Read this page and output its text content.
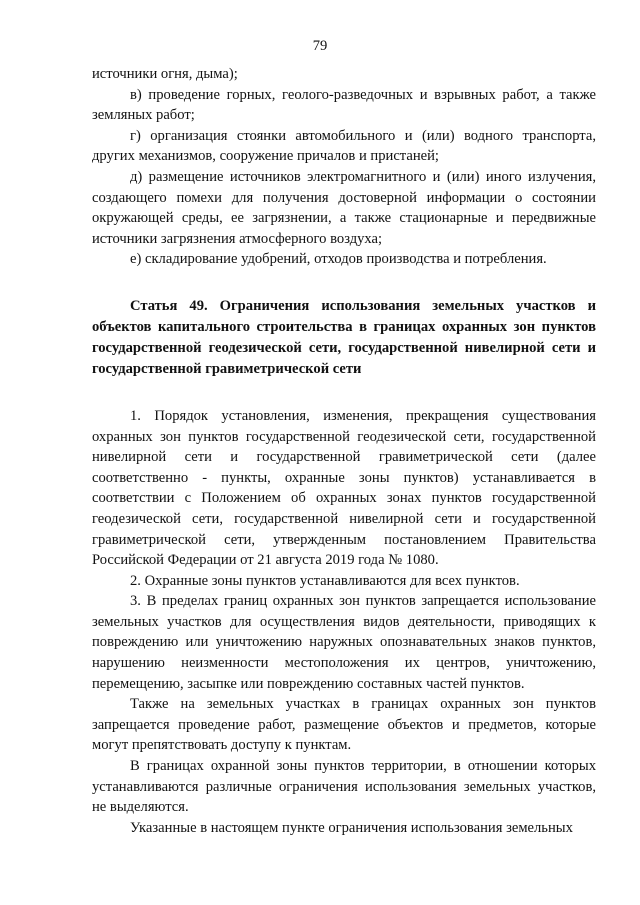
79

источники огня, дыма);

в) проведение горных, геолого-разведочных и взрывных работ, а также земляных работ;

г) организация стоянки автомобильного и (или) водного транспорта, других механизмов, сооружение причалов и пристаней;

д) размещение источников электромагнитного и (или) иного излучения, создающего помехи для получения достоверной информации о состоянии окружающей среды, ее загрязнении, а также стационарные и передвижные источники загрязнения атмосферного воздуха;

е) складирование удобрений, отходов производства и потребления.

Статья 49. Ограничения использования земельных участков и объектов капитального строительства в границах охранных зон пунктов государственной геодезической сети, государственной нивелирной сети и государственной гравиметрической сети

1. Порядок установления, изменения, прекращения существования охранных зон пунктов государственной геодезической сети, государственной нивелирной сети и государственной гравиметрической сети (далее соответственно - пункты, охранные зоны пунктов) устанавливается в соответствии с Положением об охранных зонах пунктов государственной геодезической сети, государственной нивелирной сети и государственной гравиметрической сети, утвержденным постановлением Правительства Российской Федерации от 21 августа 2019 года № 1080.

2. Охранные зоны пунктов устанавливаются для всех пунктов.

3. В пределах границ охранных зон пунктов запрещается использование земельных участков для осуществления видов деятельности, приводящих к повреждению или уничтожению наружных опознавательных знаков пунктов, нарушению неизменности местоположения их центров, уничтожению, перемещению, засыпке или повреждению составных частей пунктов.

Также на земельных участках в границах охранных зон пунктов запрещается проведение работ, размещение объектов и предметов, которые могут препятствовать доступу к пунктам.

В границах охранной зоны пунктов территории, в отношении которых устанавливаются различные ограничения использования земельных участков, не выделяются.

Указанные в настоящем пункте ограничения использования земельных
